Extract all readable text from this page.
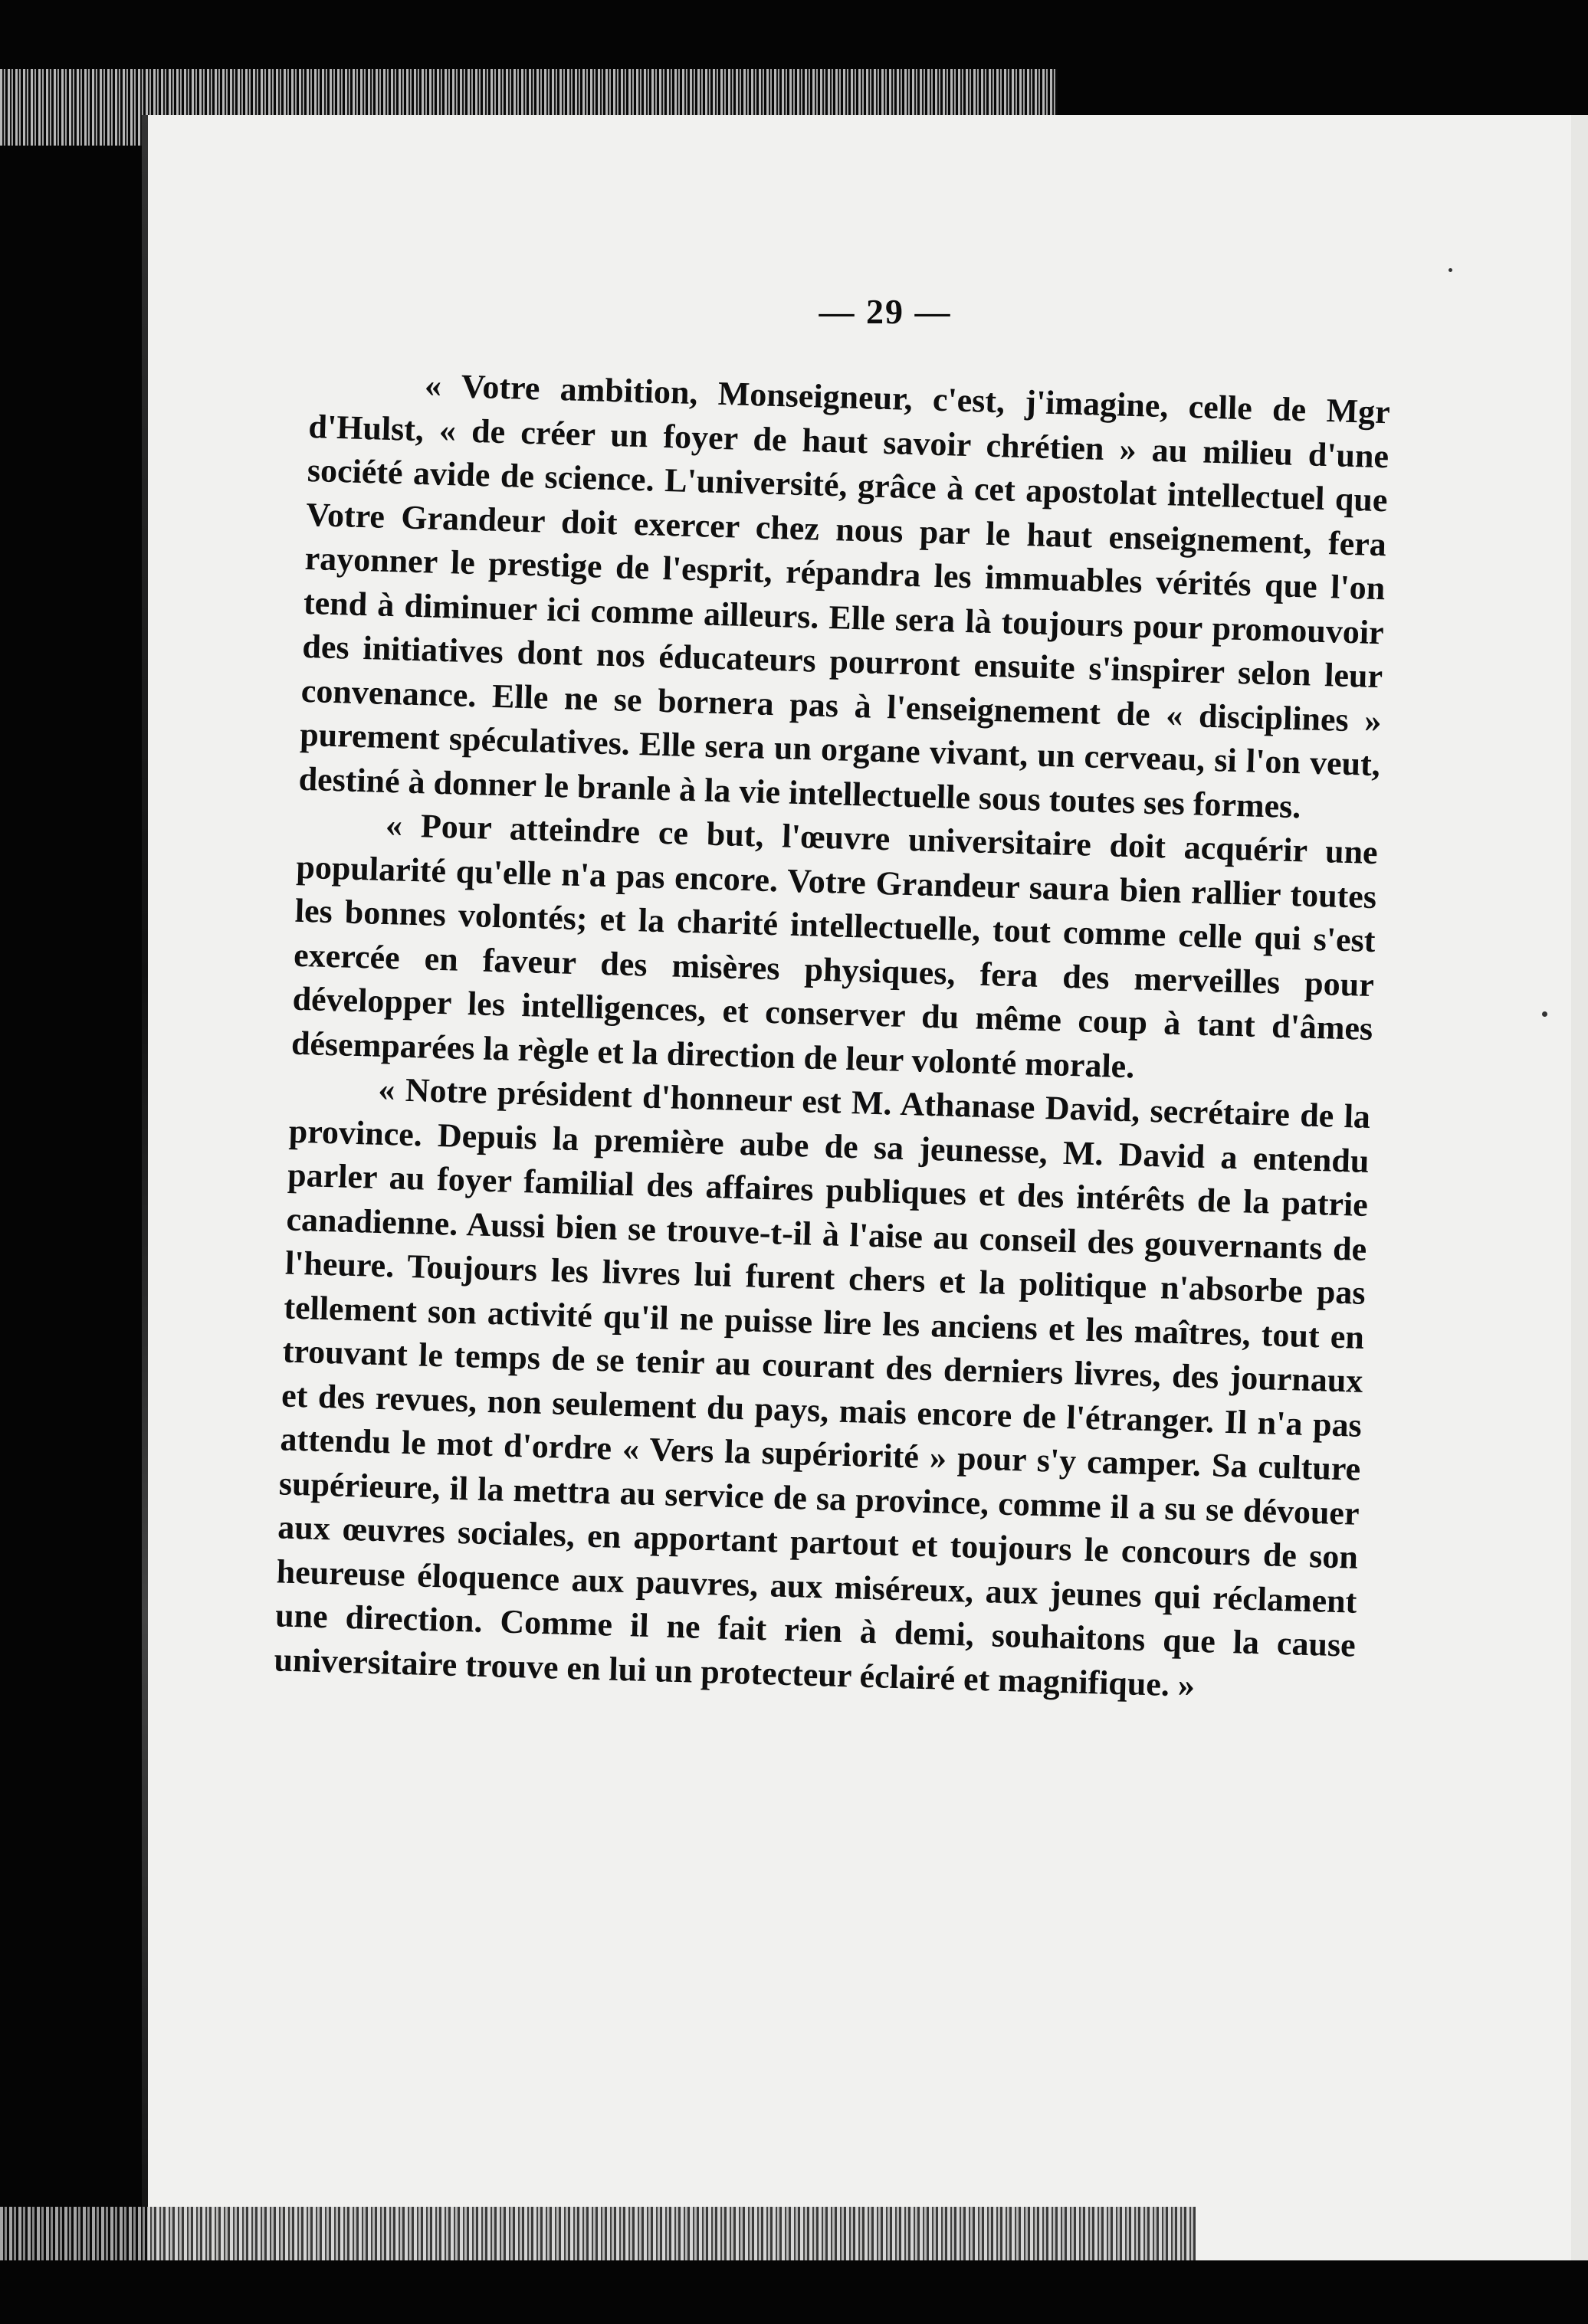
— 29 —

« Votre ambition, Monseigneur, c'est, j'imagine, celle de Mgr d'Hulst, « de créer un foyer de haut savoir chrétien » au milieu d'une société avide de science. L'université, grâce à cet apostolat intellectuel que Votre Grandeur doit exercer chez nous par le haut enseignement, fera rayonner le prestige de l'esprit, répandra les immuables vérités que l'on tend à diminuer ici comme ailleurs. Elle sera là toujours pour promouvoir des initiatives dont nos éducateurs pourront ensuite s'inspirer selon leur convenance. Elle ne se bornera pas à l'enseignement de « disciplines » purement spéculatives. Elle sera un organe vivant, un cerveau, si l'on veut, destiné à donner le branle à la vie intellectuelle sous toutes ses formes.

« Pour atteindre ce but, l'œuvre universitaire doit acquérir une popularité qu'elle n'a pas encore. Votre Grandeur saura bien rallier toutes les bonnes volontés; et la charité intellectuelle, tout comme celle qui s'est exercée en faveur des misères physiques, fera des merveilles pour développer les intelligences, et conserver du même coup à tant d'âmes désemparées la règle et la direction de leur volonté morale.

« Notre président d'honneur est M. Athanase David, secrétaire de la province. Depuis la première aube de sa jeunesse, M. David a entendu parler au foyer familial des affaires publiques et des intérêts de la patrie canadienne. Aussi bien se trouve-t-il à l'aise au conseil des gouvernants de l'heure. Toujours les livres lui furent chers et la politique n'absorbe pas tellement son activité qu'il ne puisse lire les anciens et les maîtres, tout en trouvant le temps de se tenir au courant des derniers livres, des journaux et des revues, non seulement du pays, mais encore de l'étranger. Il n'a pas attendu le mot d'ordre « Vers la supériorité » pour s'y camper. Sa culture supérieure, il la mettra au service de sa province, comme il a su se dévouer aux œuvres sociales, en apportant partout et toujours le concours de son heureuse éloquence aux pauvres, aux miséreux, aux jeunes qui réclament une direction. Comme il ne fait rien à demi, souhaitons que la cause universitaire trouve en lui un protecteur éclairé et magnifique. »
